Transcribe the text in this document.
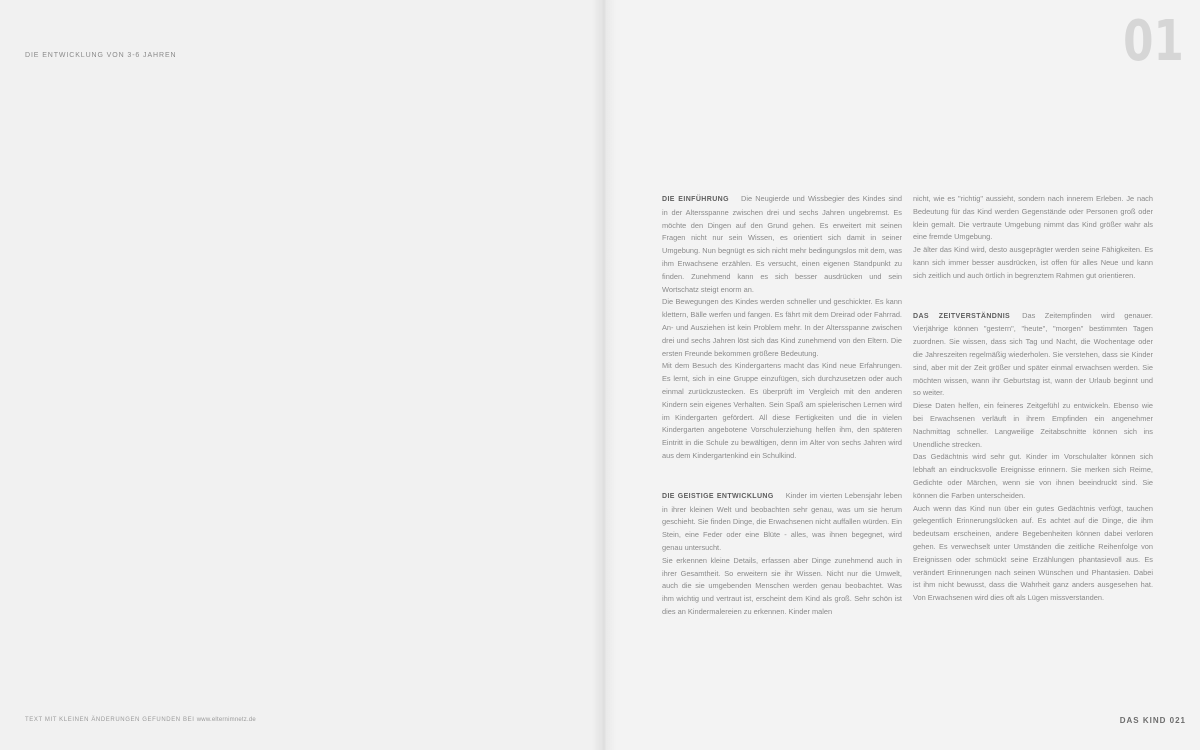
DIE ENTWICKLUNG VON 3-6 JAHREN
TEXT MIT KLEINEN ÄNDERUNGEN GEFUNDEN BEI www.elternimnetz.de
01

DIE EINFÜHRUNG Die Neugierde und Wissbegier des Kindes sind in der Altersspanne zwischen drei und sechs Jahren ungebremst. Es möchte den Dingen auf den Grund gehen. Es erweitert mit seinen Fragen nicht nur sein Wissen, es orientiert sich damit in seiner Umgebung. Nun begnügt es sich nicht mehr bedingungslos mit dem, was ihm Erwachsene erzählen. Es versucht, einen eigenen Standpunkt zu finden. Zunehmend kann es sich besser ausdrücken und sein Wortschatz steigt enorm an.

Die Bewegungen des Kindes werden schneller und geschickter. Es kann klettern, Bälle werfen und fangen. Es fährt mit dem Dreirad oder Fahrrad. An- und Ausziehen ist kein Problem mehr. In der Altersspanne zwischen drei und sechs Jahren löst sich das Kind zunehmend von den Eltern. Die ersten Freunde bekommen größere Bedeutung.

Mit dem Besuch des Kindergartens macht das Kind neue Erfahrungen. Es lernt, sich in eine Gruppe einzufügen, sich durchzusetzen oder auch einmal zurückzustecken. Es überprüft im Vergleich mit den anderen Kindern sein eigenes Verhalten. Sein Spaß am spielerischen Lernen wird im Kindergarten gefördert. All diese Fertigkeiten und die in vielen Kindergarten angebotene Vorschulerziehung helfen ihm, den späteren Eintritt in die Schule zu bewältigen, denn im Alter von sechs Jahren wird aus dem Kindergartenkind ein Schulkind.

DIE GEISTIGE ENTWICKLUNG Kinder im vierten Lebensjahr leben in ihrer kleinen Welt und beobachten sehr genau, was um sie herum geschieht. Sie finden Dinge, die Erwachsenen nicht auffallen würden. Ein Stein, eine Feder oder eine Blüte - alles, was ihnen begegnet, wird genau untersucht.

Sie erkennen kleine Details, erfassen aber Dinge zunehmend auch in ihrer Gesamtheit. So erweitern sie ihr Wissen. Nicht nur die Umwelt, auch die sie umgebenden Menschen werden genau beobachtet. Was ihm wichtig und vertraut ist, erscheint dem Kind als groß. Sehr schön ist dies an Kindermalereien zu erkennen. Kinder malen

nicht, wie es "richtig" aussieht, sondern nach innerem Erleben. Je nach Bedeutung für das Kind werden Gegenstände oder Personen groß oder klein gemalt. Die vertraute Umgebung nimmt das Kind größer wahr als eine fremde Umgebung.

Je älter das Kind wird, desto ausgeprägter werden seine Fähigkeiten. Es kann sich immer besser ausdrücken, ist offen für alles Neue und kann sich zeitlich und auch örtlich in begrenztem Rahmen gut orientieren.

DAS ZEITVERSTÄNDNIS Das Zeitempfinden wird genauer. Vierjährige können "gestern", "heute", "morgen" bestimmten Tagen zuordnen. Sie wissen, dass sich Tag und Nacht, die Wochentage oder die Jahreszeiten regelmäßig wiederholen. Sie verstehen, dass sie Kinder sind, aber mit der Zeit größer und später einmal erwachsen werden. Sie möchten wissen, wann ihr Geburtstag ist, wann der Urlaub beginnt und so weiter.

Diese Daten helfen, ein feineres Zeitgefühl zu entwickeln. Ebenso wie bei Erwachsenen verläuft in ihrem Empfinden ein angenehmer Nachmittag schneller. Langweilige Zeitabschnitte können sich ins Unendliche strecken.

Das Gedächtnis wird sehr gut. Kinder im Vorschulalter können sich lebhaft an eindrucksvolle Ereignisse erinnern. Sie merken sich Reime, Gedichte oder Märchen, wenn sie von ihnen beeindruckt sind. Sie können die Farben unterscheiden.

Auch wenn das Kind nun über ein gutes Gedächtnis verfügt, tauchen gelegentlich Erinnerungslücken auf. Es achtet auf die Dinge, die ihm bedeutsam erscheinen, andere Begebenheiten können dabei verloren gehen. Es verwechselt unter Umständen die zeitliche Reihenfolge von Ereignissen oder schmückt seine Erzählungen phantasievoll aus. Es verändert Erinnerungen nach seinen Wünschen und Phantasien. Dabei ist ihm nicht bewusst, dass die Wahrheit ganz anders ausgesehen hat. Von Erwachsenen wird dies oft als Lügen missverstanden.

DAS KIND 021
